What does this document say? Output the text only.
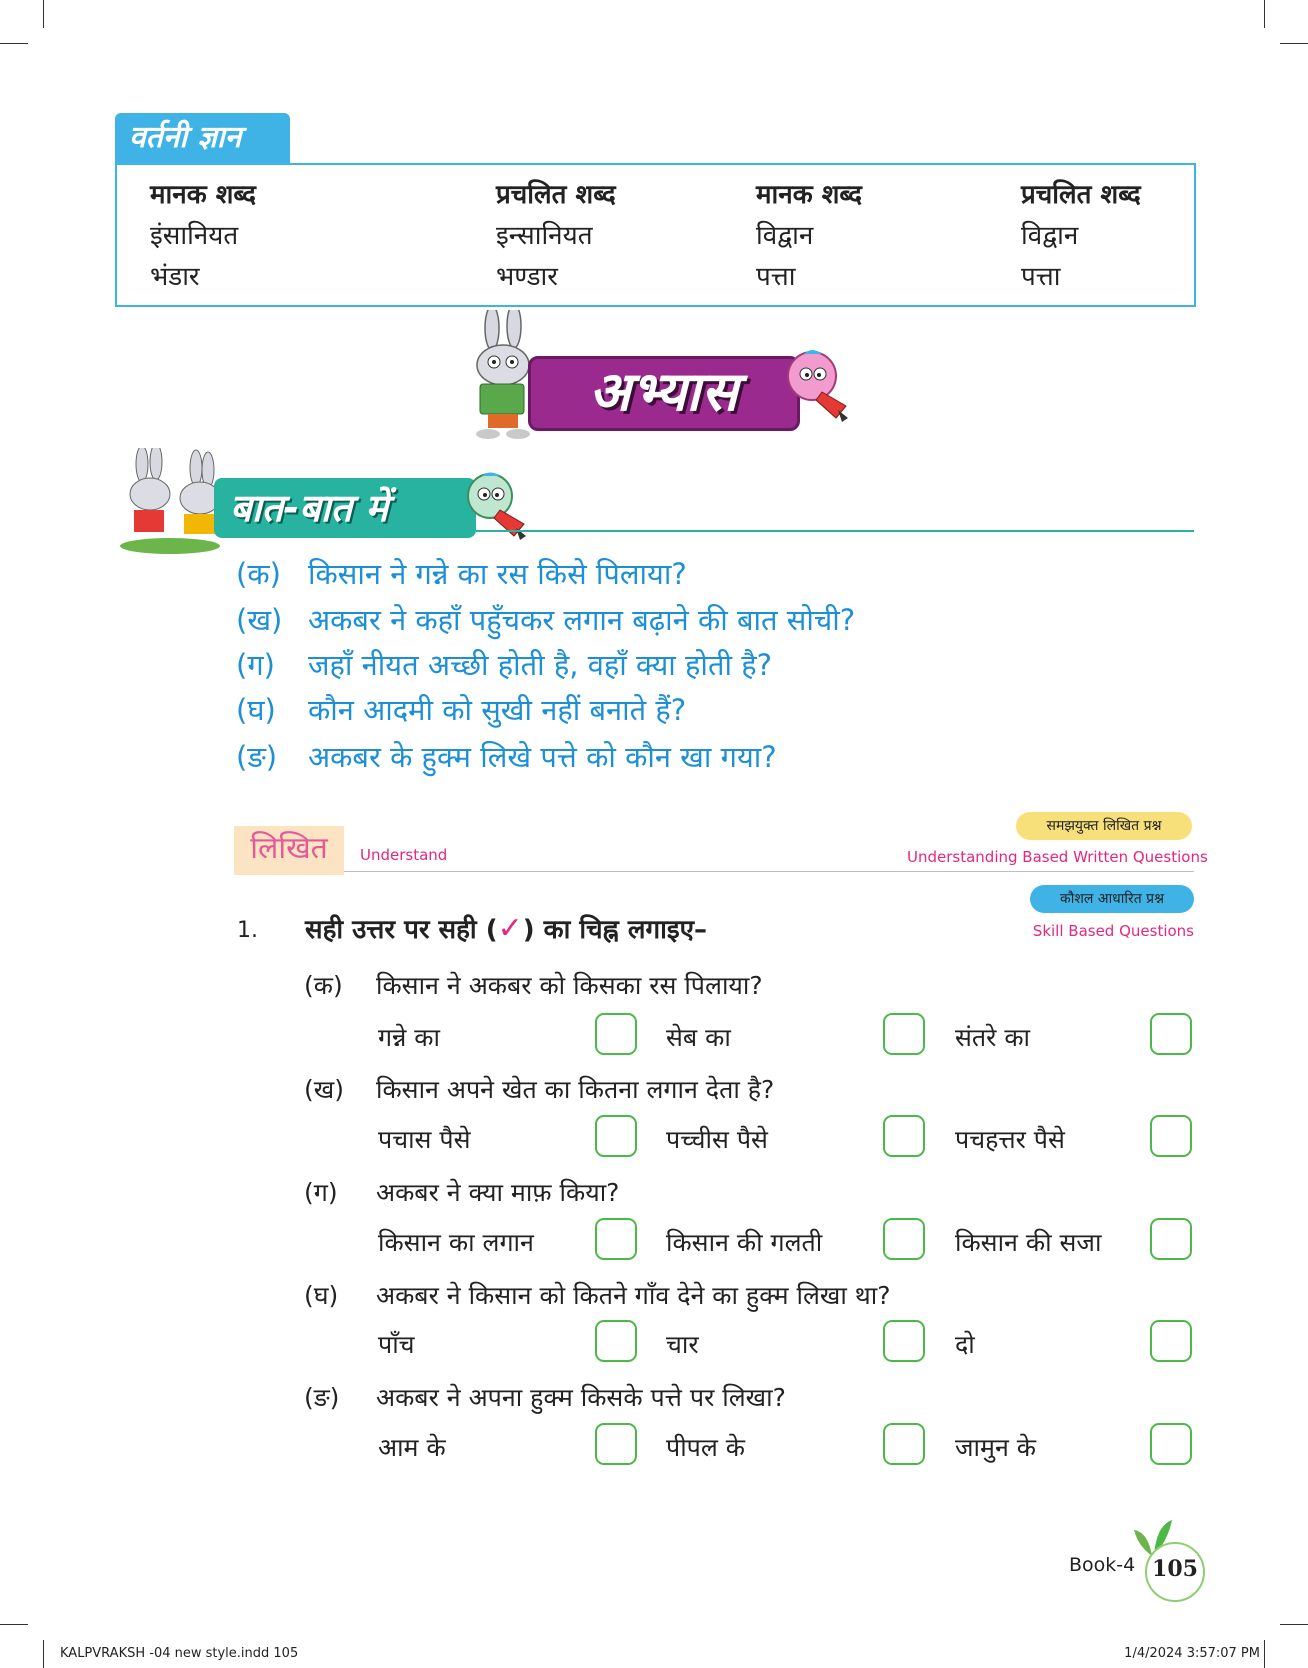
वर्तनी ज्ञान
मानक शब्द	प्रचलित शब्द	मानक शब्द	प्रचलित शब्द
इंसानियत	इन्सानियत	विद्वान	विद्वान
भंडार	भण्डार	पत्ता	पत्ता
अभ्यास
बात-बात में
(क) किसान ने गन्ने का रस किसे पिलाया?
(ख) अकबर ने कहाँ पहुँचकर लगान बढ़ाने की बात सोची?
(ग) जहाँ नीयत अच्छी होती है, वहाँ क्या होती है?
(घ) कौन आदमी को सुखी नहीं बनाते हैं?
(ङ) अकबर के हुक्म लिखे पत्ते को कौन खा गया?
लिखित	Understand
समझयुक्त लिखित प्रश्न
Understanding Based Written Questions
कौशल आधारित प्रश्न
Skill Based Questions
1. सही उत्तर पर सही (✓) का चिह्न लगाइए–
(क) किसान ने अकबर को किसका रस पिलाया?
गन्ने का	सेब का	संतरे का
(ख) किसान अपने खेत का कितना लगान देता है?
पचास पैसे	पच्चीस पैसे	पचहत्तर पैसे
(ग) अकबर ने क्या माफ़ किया?
किसान का लगान	किसान की गलती	किसान की सजा
(घ) अकबर ने किसान को कितने गाँव देने का हुक्म लिखा था?
पाँच	चार	दो
(ङ) अकबर ने अपना हुक्म किसके पत्ते पर लिखा?
आम के	पीपल के	जामुन के
Book-4 105
KALPVRAKSH -04 new style.indd 105	1/4/2024 3:57:07 PM
